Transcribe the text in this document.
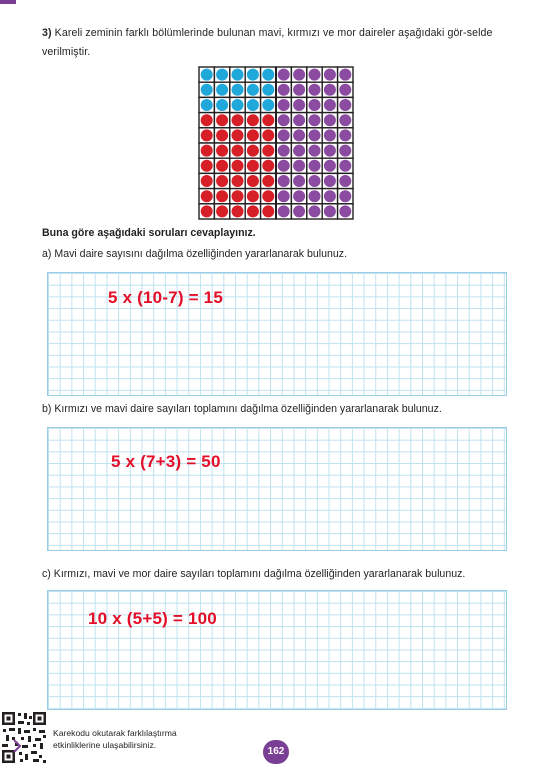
3) Kareli zeminin farklı bölümlerinde bulunan mavi, kırmızı ve mor daireler aşağıdaki gör-selde verilmiştir.
Buna göre aşağıdaki soruları cevaplayınız.
a) Mavi daire sayısını dağılma özelliğinden yararlanarak bulunuz.
5 x (10-7) = 15
b) Kırmızı ve mavi daire sayıları toplamını dağılma özelliğinden yararlanarak bulunuz.
5 x (7+3) = 50
c) Kırmızı, mavi ve mor daire sayıları toplamını dağılma özelliğinden yararlanarak bulunuz.
10 x (5+5) = 100
Karekodu okutarak farklılaştırma
etkinliklerine ulaşabilirsiniz.
162
